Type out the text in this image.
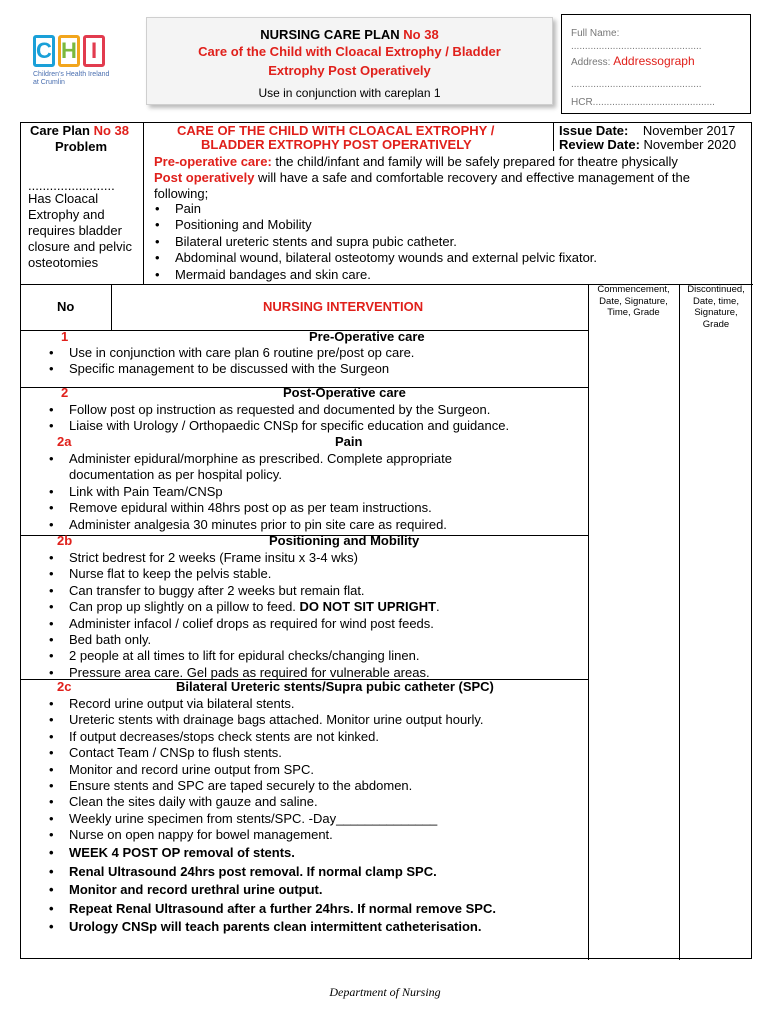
C H I
Children's Health Ireland
at Crumlin
NURSING CARE PLAN No 38
Care of the Child with Cloacal Extrophy / Bladder
Extrophy Post Operatively
Use in conjunction with careplan 1
Full Name:
...............................................
Address: Addressograph
...............................................
HCR............................................
Care Plan No 38
Problem
........................
Has Cloacal
Extrophy and
requires bladder
closure and pelvic
osteotomies
CARE OF THE CHILD WITH CLOACAL EXTROPHY /
BLADDER EXTROPHY POST OPERATIVELY
Issue Date: November 2017
Review Date: November 2020
Pre-operative care: the child/infant and family will be safely prepared for theatre physically
Post operatively will have a safe and comfortable recovery and effective management of the
following;
• Pain
• Positioning and Mobility
• Bilateral ureteric stents and supra pubic catheter.
• Abdominal wound, bilateral osteotomy wounds and external pelvic fixator.
• Mermaid bandages and skin care.
No	NURSING INTERVENTION
Commencement,
Date, Signature,
Time, Grade
Discontinued,
Date, time,
Signature,
Grade
1	Pre-Operative care
• Use in conjunction with care plan 6 routine pre/post op care.
• Specific management to be discussed with the Surgeon
2	Post-Operative care
• Follow post op instruction as requested and documented by the Surgeon.
• Liaise with Urology / Orthopaedic CNSp for specific education and guidance.
2a	Pain
• Administer epidural/morphine as prescribed. Complete appropriate
documentation as per hospital policy.
• Link with Pain Team/CNSp
• Remove epidural within 48hrs post op as per team instructions.
• Administer analgesia 30 minutes prior to pin site care as required.
2b	Positioning and Mobility
• Strict bedrest for 2 weeks (Frame insitu x 3-4 wks)
• Nurse flat to keep the pelvis stable.
• Can transfer to buggy after 2 weeks but remain flat.
• Can prop up slightly on a pillow to feed. DO NOT SIT UPRIGHT.
• Administer infacol / colief drops as required for wind post feeds.
• Bed bath only.
• 2 people at all times to lift for epidural checks/changing linen.
• Pressure area care. Gel pads as required for vulnerable areas.
2c	Bilateral Ureteric stents/Supra pubic catheter (SPC)
• Record urine output via bilateral stents.
• Ureteric stents with drainage bags attached. Monitor urine output hourly.
• If output decreases/stops check stents are not kinked.
• Contact Team / CNSp to flush stents.
• Monitor and record urine output from SPC.
• Ensure stents and SPC are taped securely to the abdomen.
• Clean the sites daily with gauze and saline.
• Weekly urine specimen from stents/SPC. -Day______________
• Nurse on open nappy for bowel management.
• WEEK 4 POST OP removal of stents.
• Renal Ultrasound 24hrs post removal. If normal clamp SPC.
• Monitor and record urethral urine output.
• Repeat Renal Ultrasound after a further 24hrs. If normal remove SPC.
• Urology CNSp will teach parents clean intermittent catheterisation.
Department of Nursing
